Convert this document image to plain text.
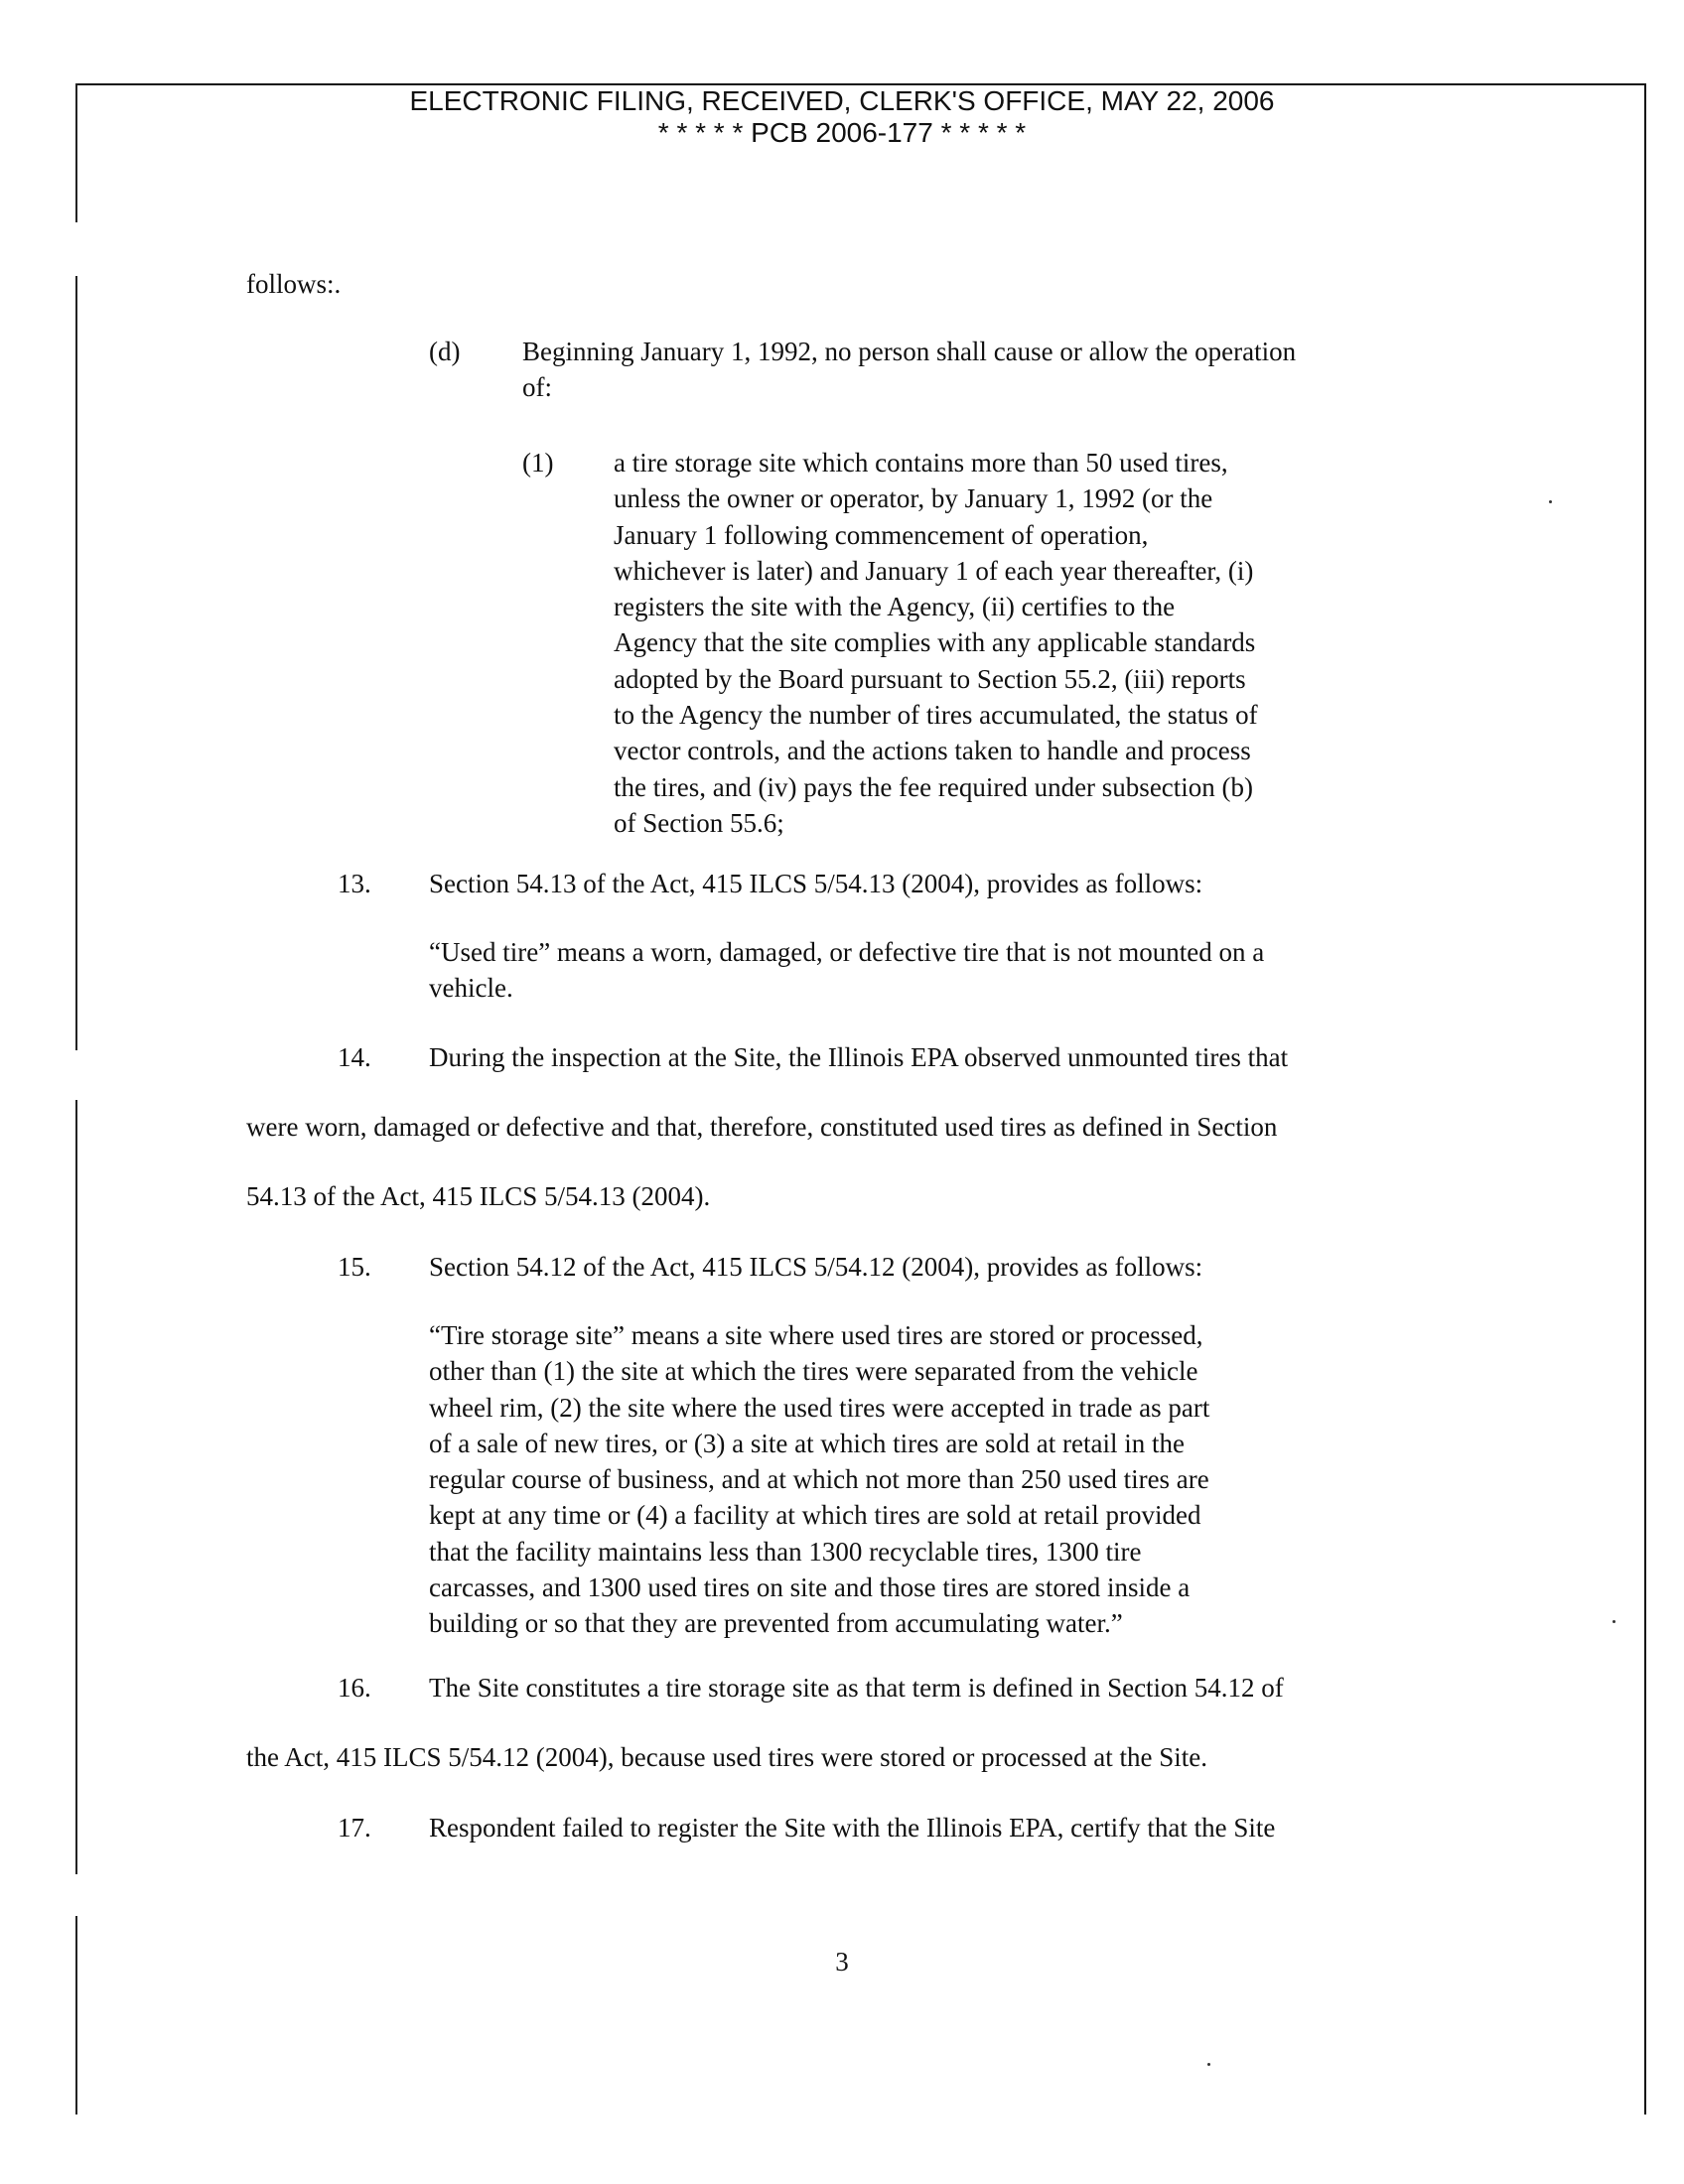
ELECTRONIC FILING, RECEIVED, CLERK'S OFFICE, MAY 22, 2006
* * * * * PCB 2006-177 * * * * *
follows:.
(d) Beginning January 1, 1992, no person shall cause or allow the operation
of:
(1) a tire storage site which contains more than 50 used tires,
unless the owner or operator, by January 1, 1992 (or the
January 1 following commencement of operation,
whichever is later) and January 1 of each year thereafter, (i)
registers the site with the Agency, (ii) certifies to the
Agency that the site complies with any applicable standards
adopted by the Board pursuant to Section 55.2, (iii) reports
to the Agency the number of tires accumulated, the status of
vector controls, and the actions taken to handle and process
the tires, and (iv) pays the fee required under subsection (b)
of Section 55.6;
13. Section 54.13 of the Act, 415 ILCS 5/54.13 (2004), provides as follows:
“Used tire” means a worn, damaged, or defective tire that is not mounted on a
vehicle.
14. During the inspection at the Site, the Illinois EPA observed unmounted tires that
were worn, damaged or defective and that, therefore, constituted used tires as defined in Section
54.13 of the Act, 415 ILCS 5/54.13 (2004).
15. Section 54.12 of the Act, 415 ILCS 5/54.12 (2004), provides as follows:
“Tire storage site” means a site where used tires are stored or processed,
other than (1) the site at which the tires were separated from the vehicle
wheel rim, (2) the site where the used tires were accepted in trade as part
of a sale of new tires, or (3) a site at which tires are sold at retail in the
regular course of business, and at which not more than 250 used tires are
kept at any time or (4) a facility at which tires are sold at retail provided
that the facility maintains less than 1300 recyclable tires, 1300 tire
carcasses, and 1300 used tires on site and those tires are stored inside a
building or so that they are prevented from accumulating water.”
16. The Site constitutes a tire storage site as that term is defined in Section 54.12 of
the Act, 415 ILCS 5/54.12 (2004), because used tires were stored or processed at the Site.
17. Respondent failed to register the Site with the Illinois EPA, certify that the Site
3
